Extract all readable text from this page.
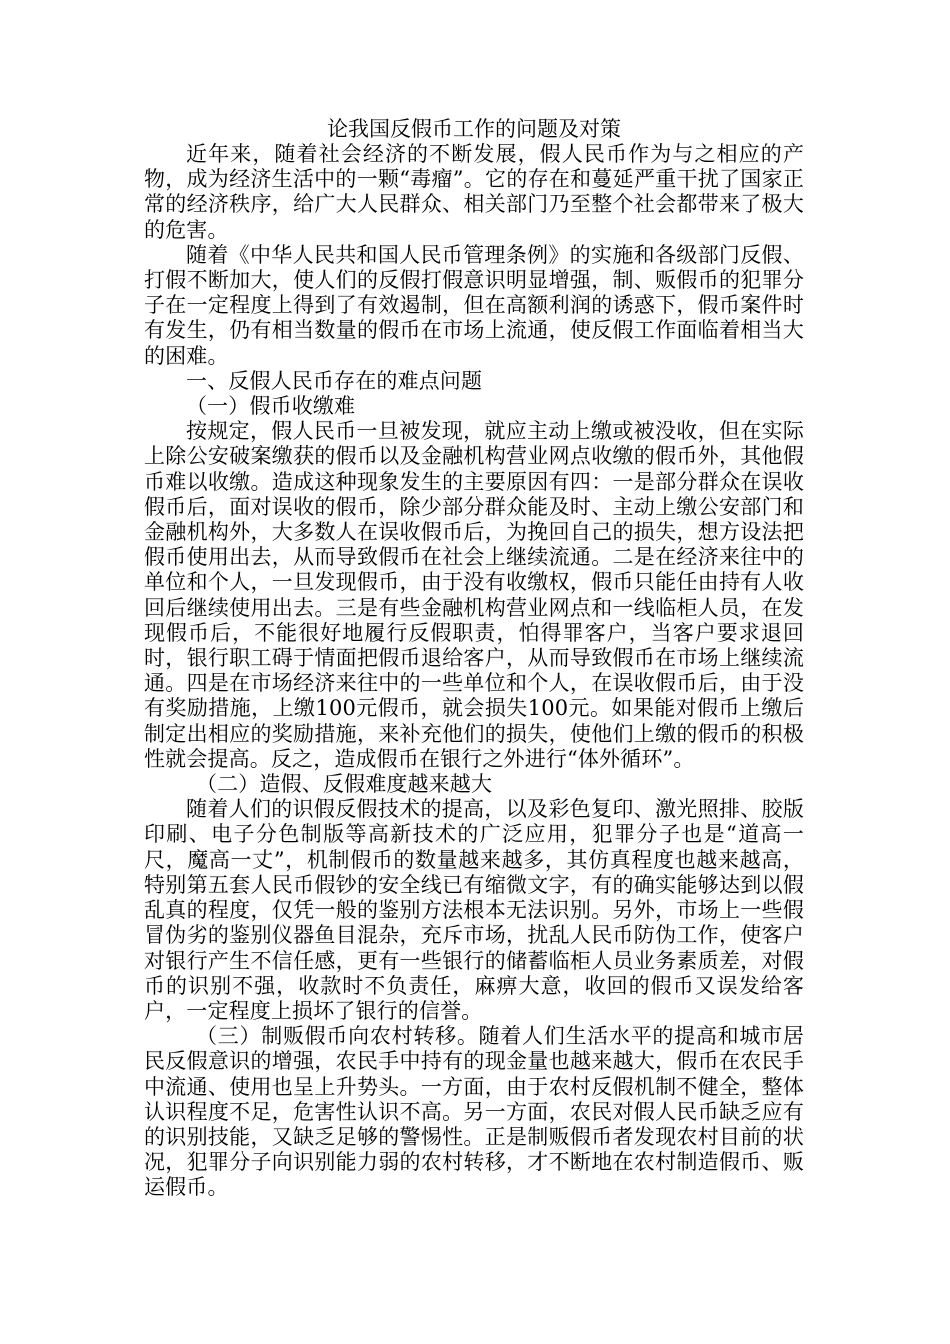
论我国反假币工作的问题及对策

近年来，随着社会经济的不断发展，假人民币作为与之相应的产物，成为经济生活中的一颗“毒瘤”。它的存在和蔓延严重干扰了国家正常的经济秩序，给广大人民群众、相关部门乃至整个社会都带来了极大的危害。

随着《中华人民共和国人民币管理条例》的实施和各级部门反假、打假不断加大，使人们的反假打假意识明显增强，制、贩假币的犯罪分子在一定程度上得到了有效遏制，但在高额利润的诱惑下，假币案件时有发生，仍有相当数量的假币在市场上流通，使反假工作面临着相当大的困难。

一、反假人民币存在的难点问题

（一）假币收缴难

按规定，假人民币一旦被发现，就应主动上缴或被没收，但在实际上除公安破案缴获的假币以及金融机构营业网点收缴的假币外，其他假币难以收缴。造成这种现象发生的主要原因有四：一是部分群众在误收假币后，面对误收的假币，除少部分群众能及时、主动上缴公安部门和金融机构外，大多数人在误收假币后，为挽回自己的损失，想方设法把假币使用出去，从而导致假币在社会上继续流通。二是在经济来往中的单位和个人，一旦发现假币，由于没有收缴权，假币只能任由持有人收回后继续使用出去。三是有些金融机构营业网点和一线临柜人员，在发现假币后，不能很好地履行反假职责，怕得罪客户，当客户要求退回时，银行职工碍于情面把假币退给客户，从而导致假币在市场上继续流通。四是在市场经济来往中的一些单位和个人，在误收假币后，由于没有奖励措施，上缴100元假币，就会损失100元。如果能对假币上缴后制定出相应的奖励措施，来补充他们的损失，使他们上缴的假币的积极性就会提高。反之，造成假币在银行之外进行“体外循环”。

（二）造假、反假难度越来越大

随着人们的识假反假技术的提高，以及彩色复印、激光照排、胶版印刷、电子分色制版等高新技术的广泛应用，犯罪分子也是“道高一尺，魔高一丈”，机制假币的数量越来越多，其仿真程度也越来越高，特别第五套人民币假钞的安全线已有缩微文字，有的确实能够达到以假乱真的程度，仅凭一般的鉴别方法根本无法识别。另外，市场上一些假冒伪劣的鉴别仪器鱼目混杂，充斥市场，扰乱人民币防伪工作，使客户对银行产生不信任感，更有一些银行的储蓄临柜人员业务素质差，对假币的识别不强，收款时不负责任，麻痹大意，收回的假币又误发给客户，一定程度上损坏了银行的信誉。

（三）制贩假币向农村转移。随着人们生活水平的提高和城市居民反假意识的增强，农民手中持有的现金量也越来越大，假币在农民手中流通、使用也呈上升势头。一方面，由于农村反假机制不健全，整体认识程度不足，危害性认识不高。另一方面，农民对假人民币缺乏应有的识别技能，又缺乏足够的警惕性。正是制贩假币者发现农村目前的状况，犯罪分子向识别能力弱的农村转移，才不断地在农村制造假币、贩运假币。
